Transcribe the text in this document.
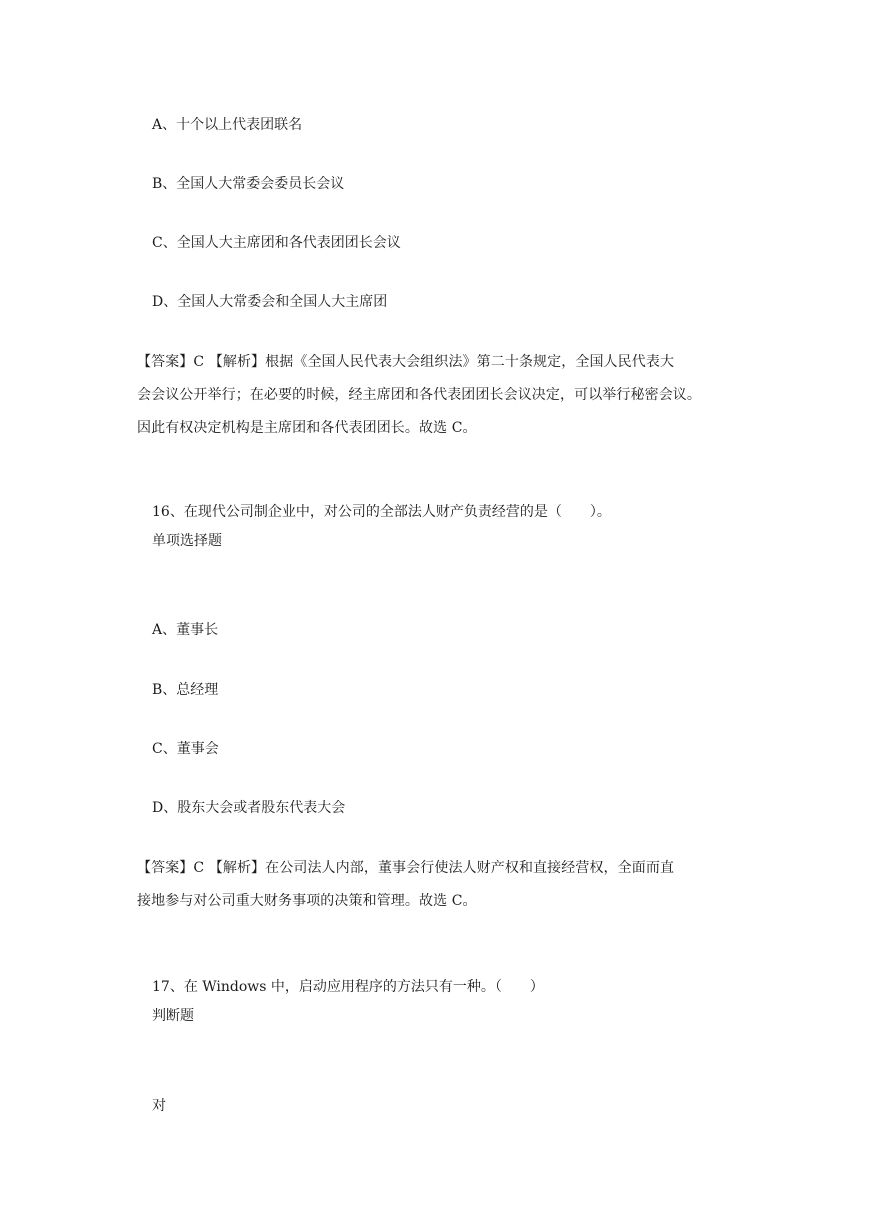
A、十个以上代表团联名
B、全国人大常委会委员长会议
C、全国人大主席团和各代表团团长会议
D、全国人大常委会和全国人大主席团
【答案】C 【解析】根据《全国人民代表大会组织法》第二十条规定，全国人民代表大
会会议公开举行；在必要的时候，经主席团和各代表团团长会议决定，可以举行秘密会议。
因此有权决定机构是主席团和各代表团团长。故选 C。
16、在现代公司制企业中，对公司的全部法人财产负责经营的是（　　）。
单项选择题
A、董事长
B、总经理
C、董事会
D、股东大会或者股东代表大会
【答案】C 【解析】在公司法人内部，董事会行使法人财产权和直接经营权，全面而直
接地参与对公司重大财务事项的决策和管理。故选 C。
17、在 Windows 中，启动应用程序的方法只有一种。（　　）
判断题
对
